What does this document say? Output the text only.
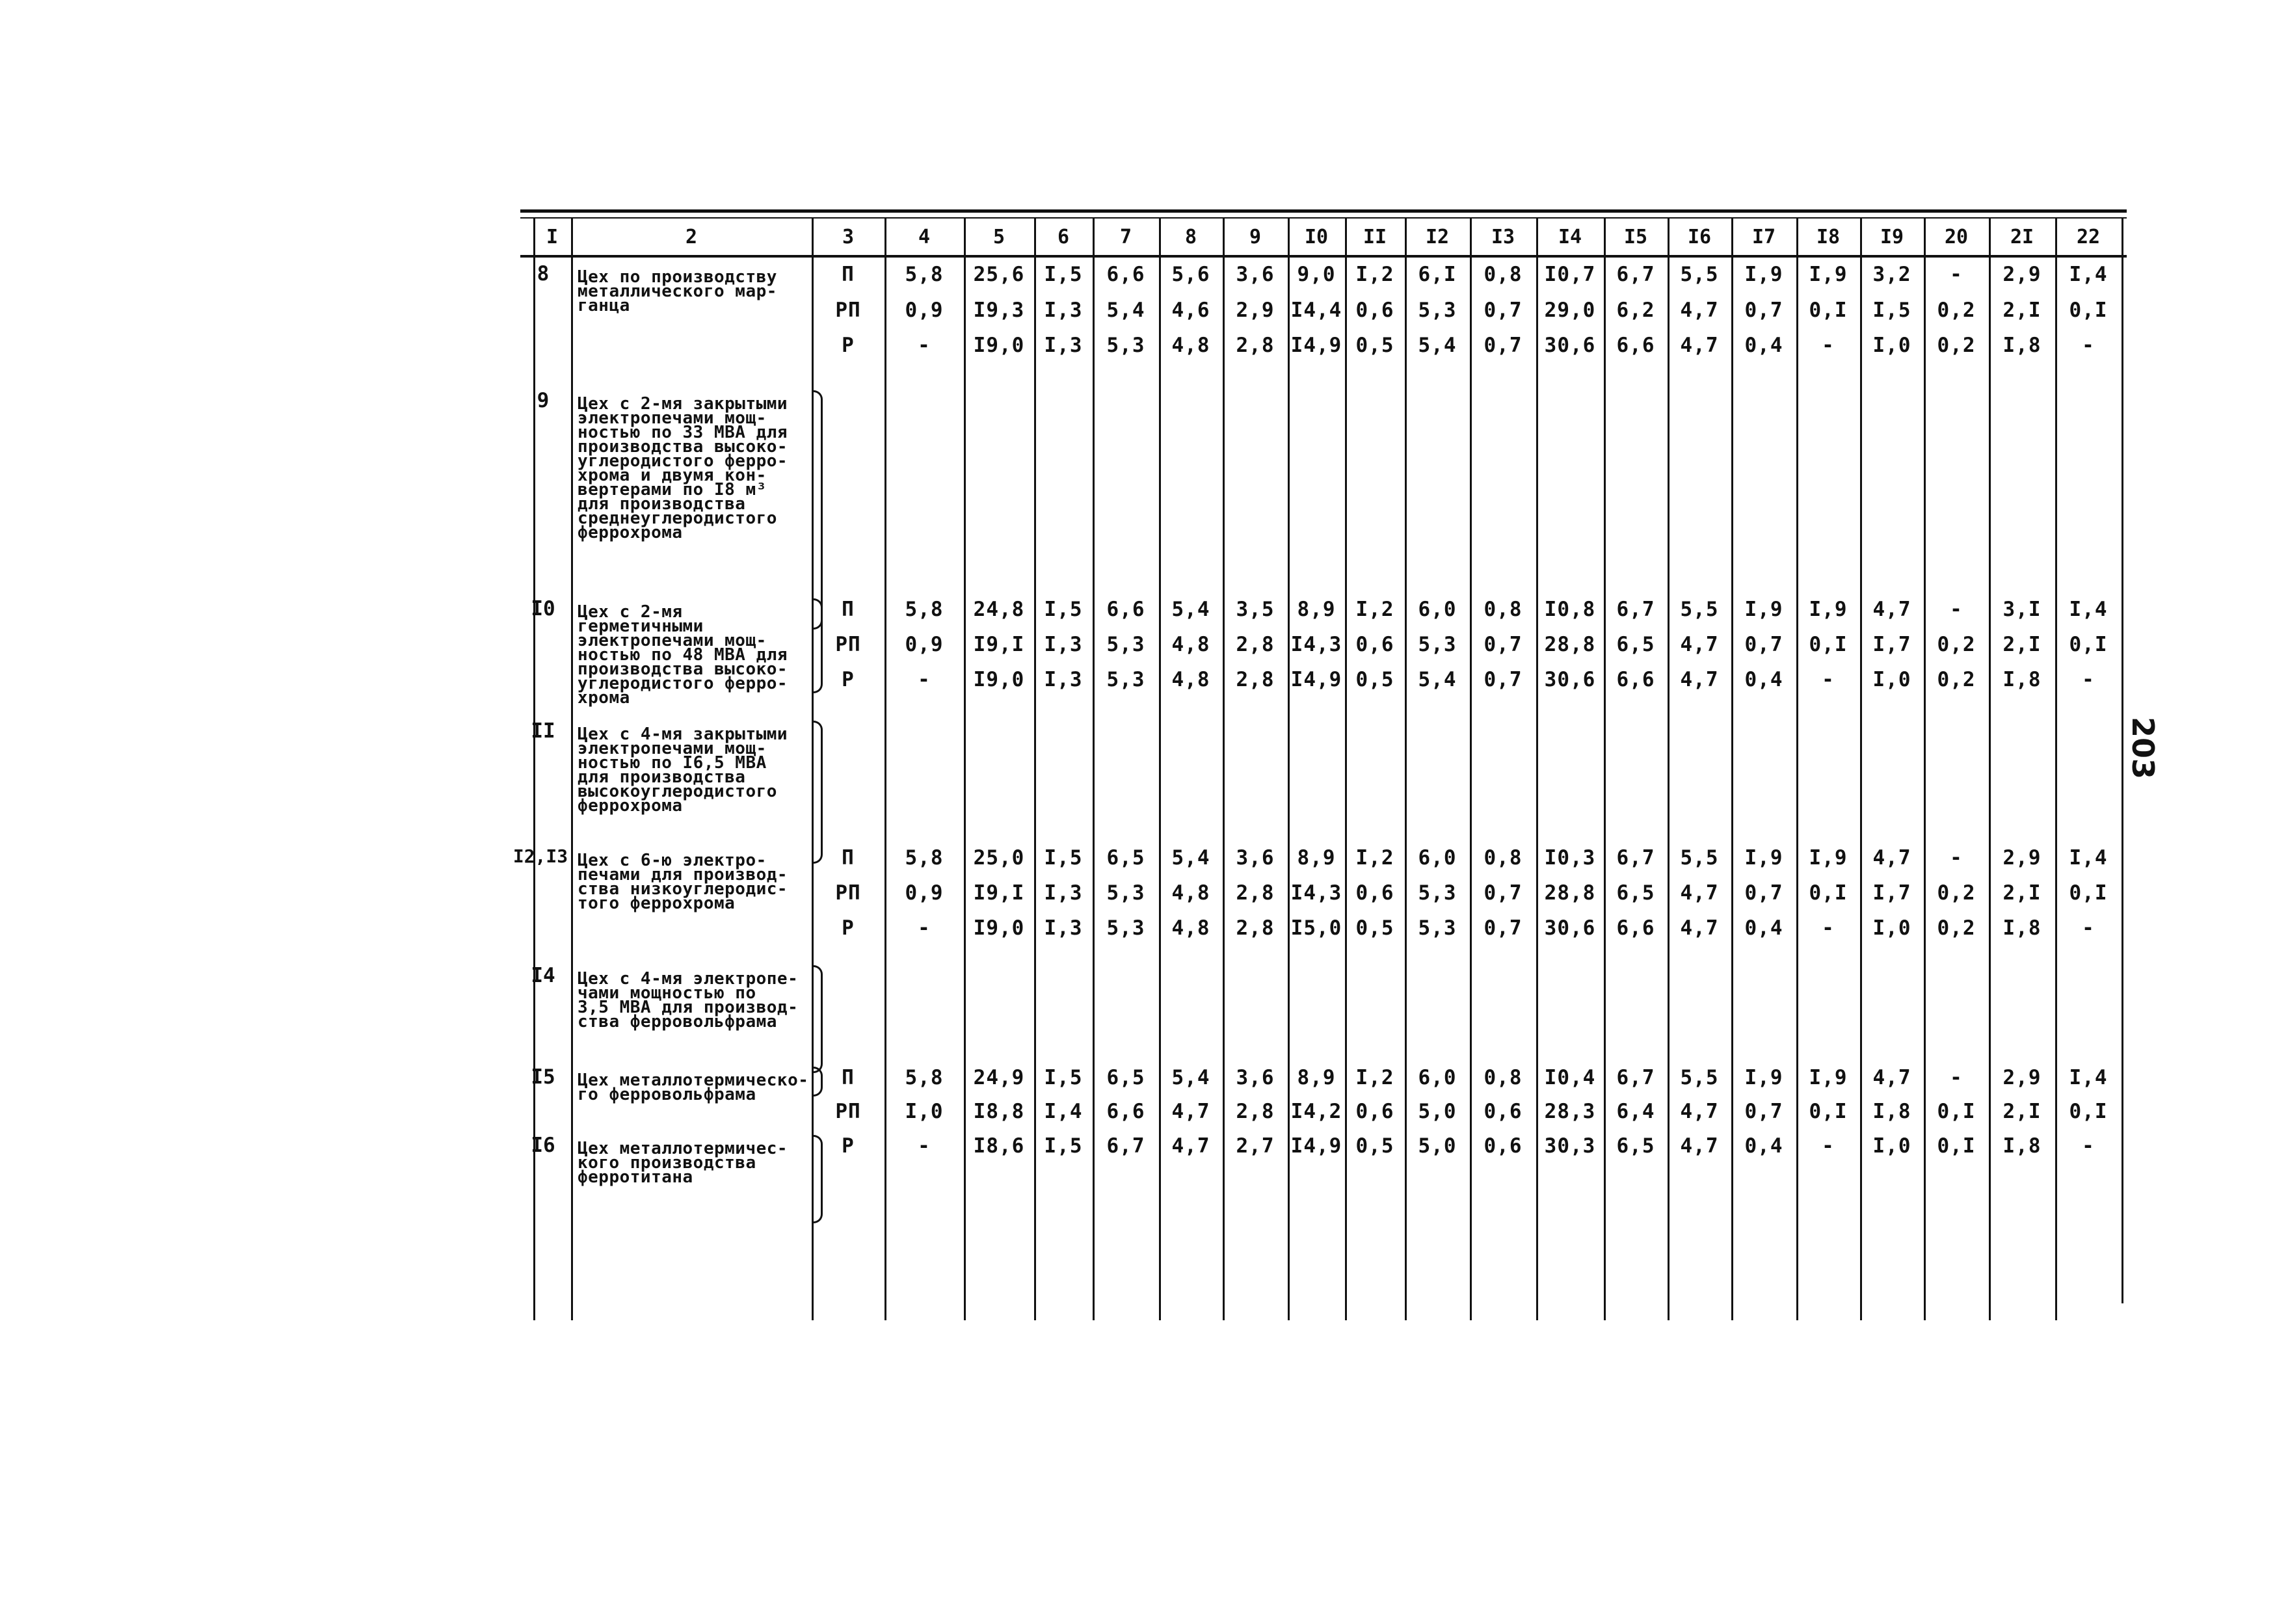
I	2	3	4	5	6	7	8	9	I0	II	I2	I3	I4	I5	I6	I7	I8	I9	20	2I	22
8	Цех по производству
металлического мар-
ганца
П	5,8	25,6 I,5	6,6	5,6	3,6	9,0	I,2	6,I	0,8	I0,7	6,7	5,5	I,9	I,9	3,2	-	2,9	I,4
РП	0,9	I9,3 I,3	5,4	4,6	2,9 I4,4 0,6	5,3	0,7	29,0	6,2	4,7	0,7	0,I	I,5	0,2	2,I	0,I
Р	-	I9,0 I,3	5,3	4,8	2,8 I4,9 0,5	5,4	0,7	30,6	6,6	4,7	0,4	-	I,0	0,2	I,8	-
9	Цех с 2-мя закрытыми
электропечами мощ-
ностью по 33 МВА для
производства высоко-
углеродистого ферро-
хрома и двумя кон-
вертерами по I8 м³
для производства
среднеуглеродистого
феррохрома
I0	Цех с 2-мя герметичными
электропечами мощ-
ностью по 48 МВА для
производства высоко-
углеродистого ферро-
хрома
П	5,8	24,8 I,5	6,6	5,4	3,5	8,9	I,2	6,0	0,8	I0,8	6,7	5,5	I,9	I,9	4,7	-	3,I	I,4
РП	0,9	I9,I I,3	5,3	4,8	2,8 I4,3 0,6	5,3	0,7	28,8	6,5	4,7	0,7	0,I	I,7	0,2	2,I	0,I
Р	-	I9,0 I,3	5,3	4,8	2,8 I4,9 0,5	5,4	0,7	30,6	6,6	4,7	0,4	-	I,0	0,2	I,8	-
II	Цех с 4-мя закрытыми
электропечами мощ-
ностью по I6,5 МВА
для производства
высокоуглеродистого
феррохрома
I2,I3 Цех с 6-ю электро-
печами для производ-
ства низкоуглеродис-
того феррохрома
П	5,8	25,0 I,5	6,5	5,4	3,6	8,9	I,2	6,0	0,8	I0,3	6,7	5,5	I,9	I,9	4,7	-	2,9	I,4
РП	0,9	I9,I I,3	5,3	4,8	2,8 I4,3 0,6	5,3	0,7	28,8	6,5	4,7	0,7	0,I	I,7	0,2	2,I	0,I
Р	-	I9,0 I,3	5,3	4,8	2,8 I5,0 0,5	5,3	0,7	30,6	6,6	4,7	0,4	-	I,0	0,2	I,8	-
I4	Цех с 4-мя электропе-
чами мощностью по
3,5 МВА для производ-
ства ферровольфрама
I5	Цех металлотермическо-
го ферровольфрама
П	5,8	24,9 I,5	6,5	5,4	3,6	8,9	I,2	6,0	0,8	I0,4	6,7	5,5	I,9	I,9	4,7	-	2,9	I,4
РП	I,0	I8,8 I,4	6,6	4,7	2,8 I4,2 0,6	5,0	0,6	28,3	6,4	4,7	0,7	0,I	I,8	0,I	2,I	0,I
I6	Цех металлотермичес-
кого производства
ферротитана
Р	-	I8,6 I,5	6,7	4,7	2,7 I4,9 0,5	5,0	0,6	30,3	6,5	4,7	0,4	-	I,0	0,I	I,8	-
203
